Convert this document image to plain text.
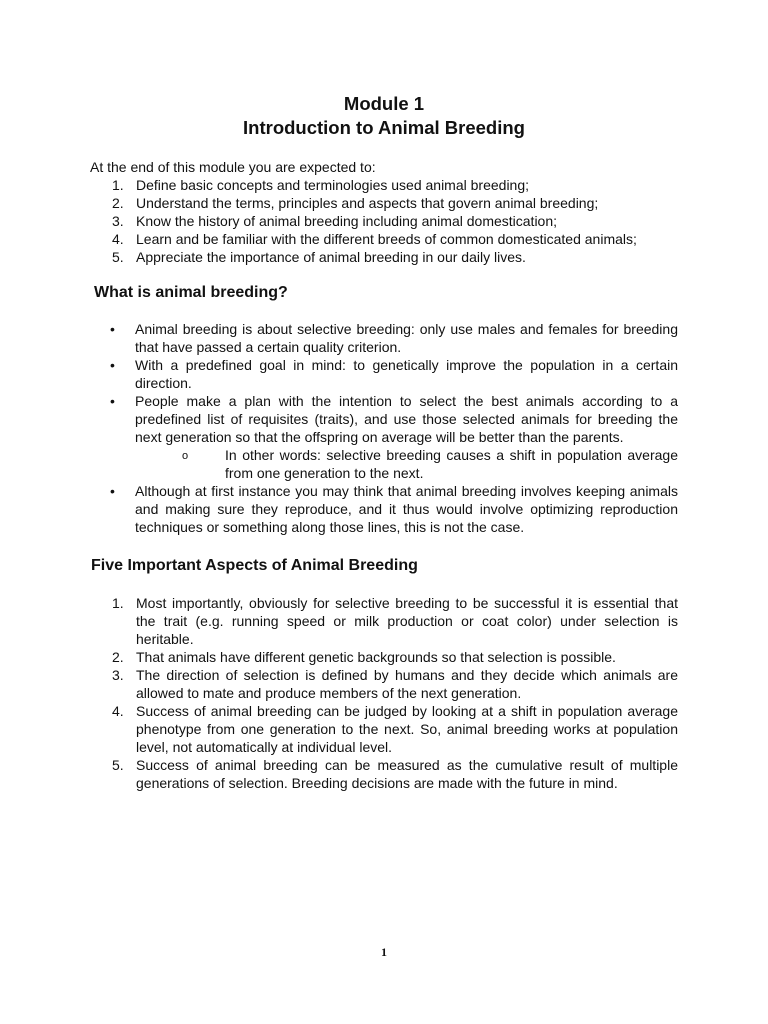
Module 1
Introduction to Animal Breeding
At the end of this module you are expected to:
Define basic concepts and terminologies used animal breeding;
Understand the terms, principles and aspects that govern animal breeding;
Know the history of animal breeding including animal domestication;
Learn and be familiar with the different breeds of common domesticated animals;
Appreciate the importance of animal breeding in our daily lives.
What is animal breeding?
• Animal breeding is about selective breeding: only use males and females for breeding that have passed a certain quality criterion.
• With a predefined goal in mind: to genetically improve the population in a certain direction.
• People make a plan with the intention to select the best animals according to a predefined list of requisites (traits), and use those selected animals for breeding the next generation so that the offspring on average will be better than the parents.
o	In other words: selective breeding causes a shift in population average from one generation to the next.
• Although at first instance you may think that animal breeding involves keeping animals and making sure they reproduce, and it thus would involve optimizing reproduction techniques or something along those lines, this is not the case.
Five Important Aspects of Animal Breeding
Most importantly, obviously for selective breeding to be successful it is essential that the trait (e.g. running speed or milk production or coat color) under selection is heritable.
That animals have different genetic backgrounds so that selection is possible.
The direction of selection is defined by humans and they decide which animals are allowed to mate and produce members of the next generation.
Success of animal breeding can be judged by looking at a shift in population average phenotype from one generation to the next. So, animal breeding works at population level, not automatically at individual level.
Success of animal breeding can be measured as the cumulative result of multiple generations of selection. Breeding decisions are made with the future in mind.
1
